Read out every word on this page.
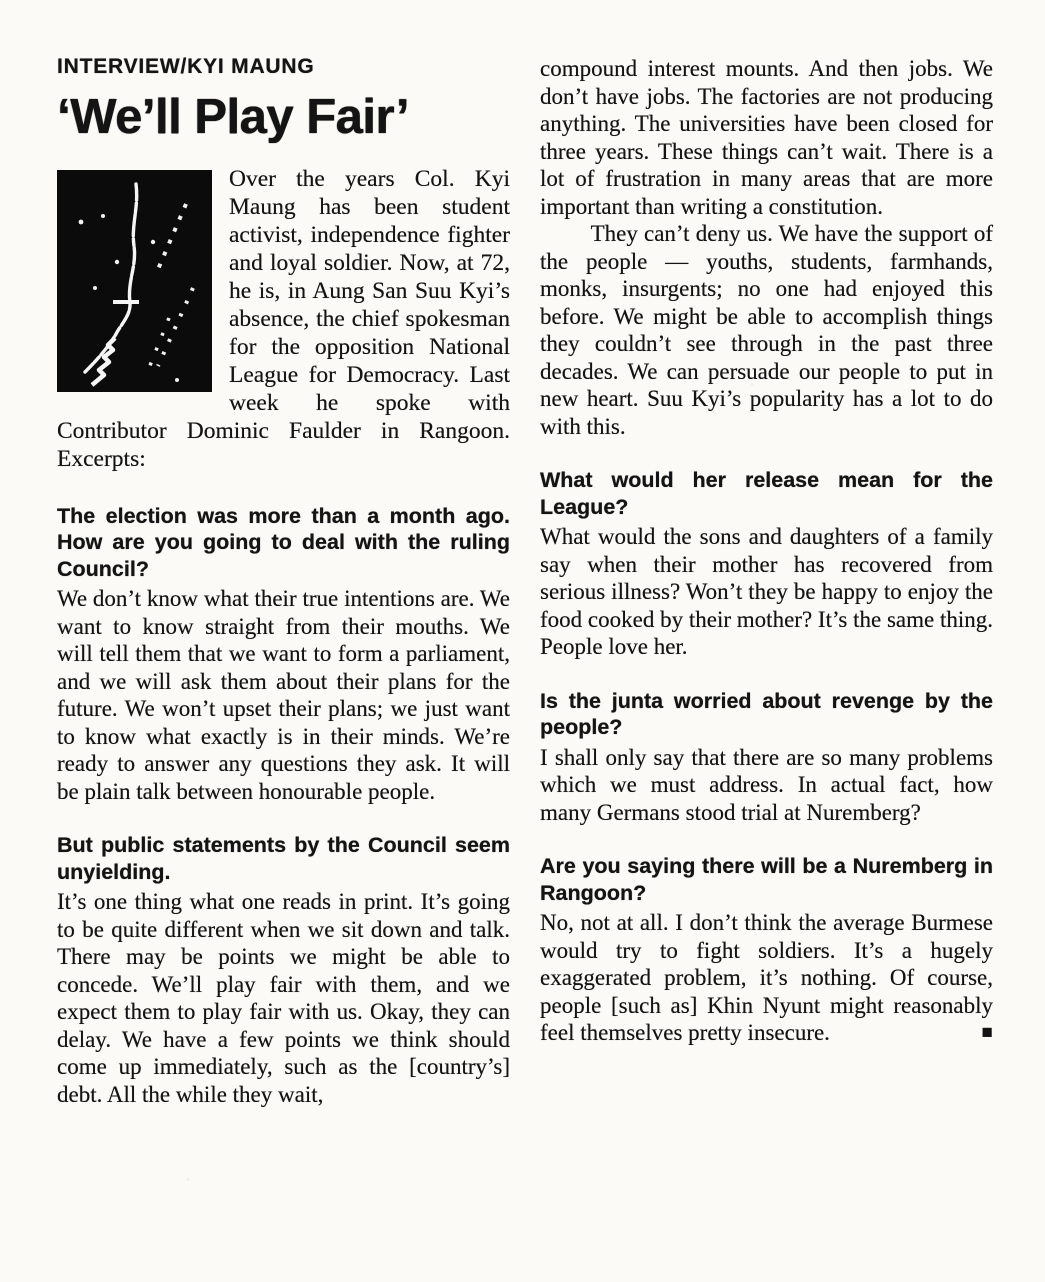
INTERVIEW/KYI MAUNG
‘We’ll Play Fair’

Over the years Col. Kyi Maung has been student activist, independence fighter and loyal soldier. Now, at 72, he is, in Aung San Suu Kyi’s absence, the chief spokesman for the opposition National League for Democracy. Last week he spoke with Contributor Dominic Faulder in Rangoon. Excerpts:

The election was more than a month ago. How are you going to deal with the ruling Council?

We don’t know what their true intentions are. We want to know straight from their mouths. We will tell them that we want to form a parliament, and we will ask them about their plans for the future. We won’t upset their plans; we just want to know what exactly is in their minds. We’re ready to answer any questions they ask. It will be plain talk between honourable people.

But public statements by the Council seem unyielding.

It’s one thing what one reads in print. It’s going to be quite different when we sit down and talk. There may be points we might be able to concede. We’ll play fair with them, and we expect them to play fair with us. Okay, they can delay. We have a few points we think should come up immediately, such as the [country’s] debt. All the while they wait,

compound interest mounts. And then jobs. We don’t have jobs. The factories are not producing anything. The universities have been closed for three years. These things can’t wait. There is a lot of frustration in many areas that are more important than writing a constitution.

They can’t deny us. We have the support of the people — youths, students, farmhands, monks, insurgents; no one had enjoyed this before. We might be able to accomplish things they couldn’t see through in the past three decades. We can persuade our people to put in new heart. Suu Kyi’s popularity has a lot to do with this.

What would her release mean for the League?

What would the sons and daughters of a family say when their mother has recovered from serious illness? Won’t they be happy to enjoy the food cooked by their mother? It’s the same thing. People love her.

Is the junta worried about revenge by the people?

I shall only say that there are so many problems which we must address. In actual fact, how many Germans stood trial at Nuremberg?

Are you saying there will be a Nuremberg in Rangoon?

No, not at all. I don’t think the average Burmese would try to fight soldiers. It’s a hugely exaggerated problem, it’s nothing. Of course, people [such as] Khin Nyunt might reasonably feel themselves pretty insecure.	■
